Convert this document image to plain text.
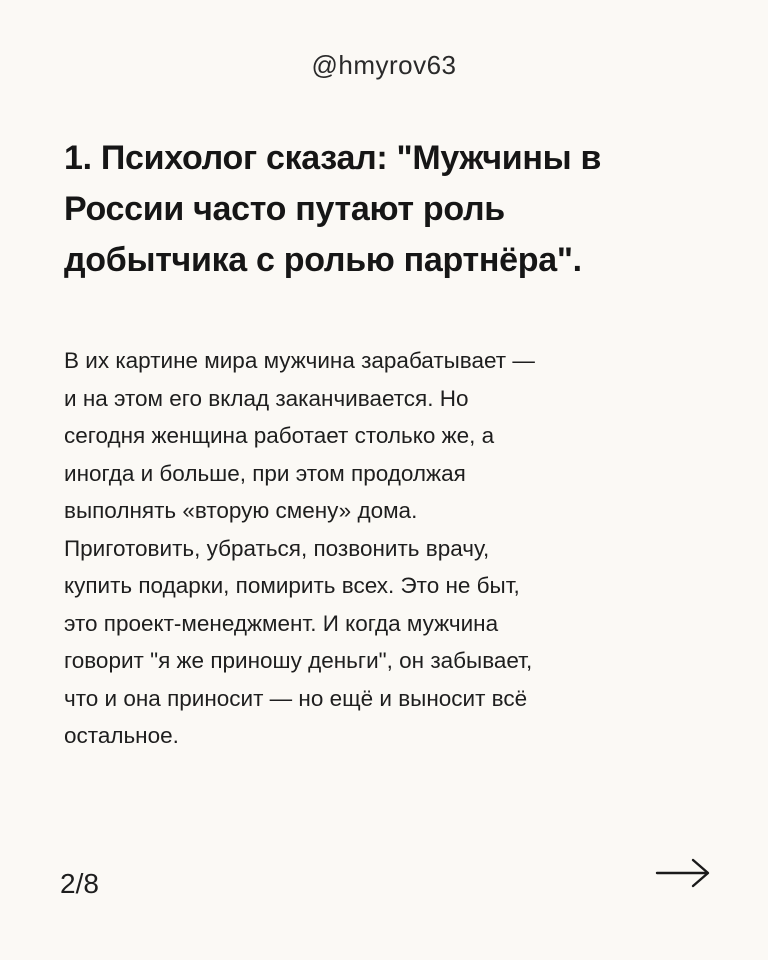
@hmyrov63
1. Психолог сказал: "Мужчины в
России часто путают роль
добытчика с ролью партнёра".
В их картине мира мужчина зарабатывает —
и на этом его вклад заканчивается. Но
сегодня женщина работает столько же, а
иногда и больше, при этом продолжая
выполнять «вторую смену» дома.
Приготовить, убраться, позвонить врачу,
купить подарки, помирить всех. Это не быт,
это проект-менеджмент. И когда мужчина
говорит "я же приношу деньги", он забывает,
что и она приносит — но ещё и выносит всё
остальное.
2/8
